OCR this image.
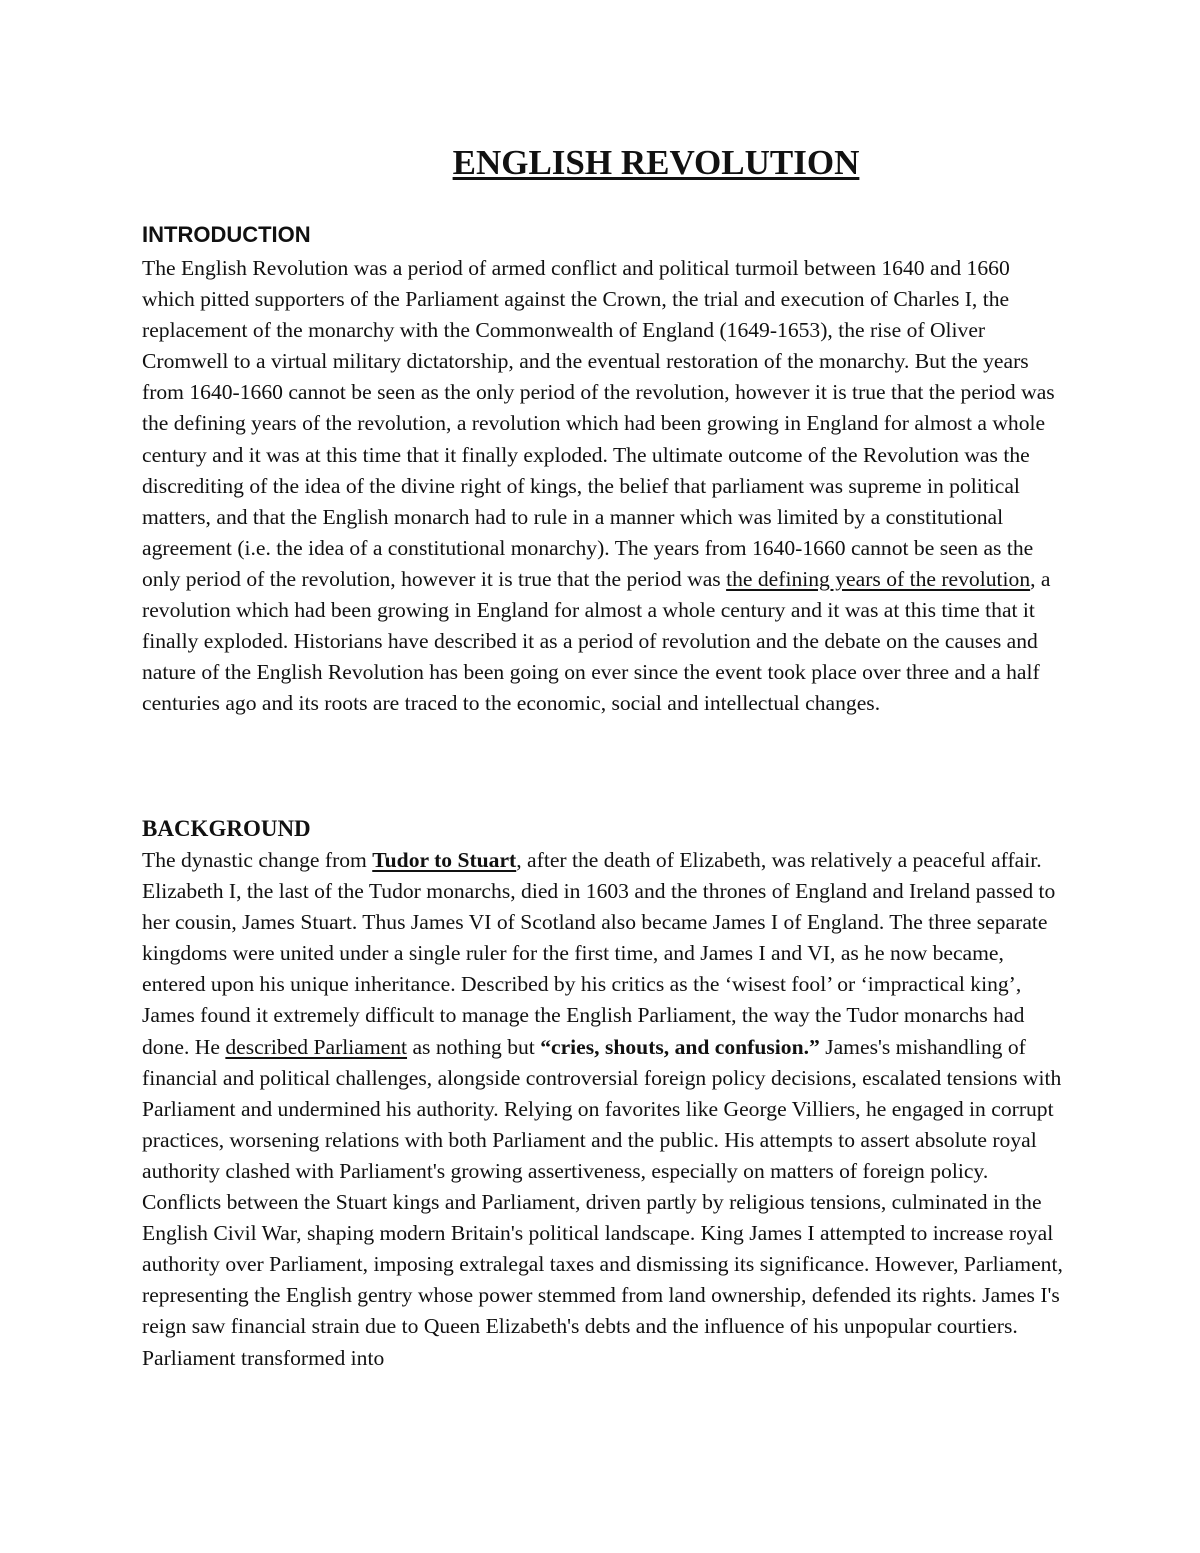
ENGLISH REVOLUTION
INTRODUCTION

The English Revolution was a period of armed conflict and political turmoil between 1640 and 1660 which pitted supporters of the Parliament against the Crown, the trial and execution of Charles I, the replacement of the monarchy with the Commonwealth of England (1649-1653), the rise of Oliver Cromwell to a virtual military dictatorship, and the eventual restoration of the monarchy. But the years from 1640-1660 cannot be seen as the only period of the revolution, however it is true that the period was the defining years of the revolution, a revolution which had been growing in England for almost a whole century and it was at this time that it finally exploded. The ultimate outcome of the Revolution was the discrediting of the idea of the divine right of kings, the belief that parliament was supreme in political matters, and that the English monarch had to rule in a manner which was limited by a constitutional agreement (i.e. the idea of a constitutional monarchy). The years from 1640-1660 cannot be seen as the only period of the revolution, however it is true that the period was the defining years of the revolution, a revolution which had been growing in England for almost a whole century and it was at this time that it finally exploded. Historians have described it as a period of revolution and the debate on the causes and nature of the English Revolution has been going on ever since the event took place over three and a half centuries ago and its roots are traced to the economic, social and intellectual changes.

BACKGROUND

The dynastic change from Tudor to Stuart, after the death of Elizabeth, was relatively a peaceful affair. Elizabeth I, the last of the Tudor monarchs, died in 1603 and the thrones of England and Ireland passed to her cousin, James Stuart. Thus James VI of Scotland also became James I of England. The three separate kingdoms were united under a single ruler for the first time, and James I and VI, as he now became, entered upon his unique inheritance. Described by his critics as the ‘wisest fool’ or ‘impractical king’, James found it extremely difficult to manage the English Parliament, the way the Tudor monarchs had done. He described Parliament as nothing but “cries, shouts, and confusion.” James's mishandling of financial and political challenges, alongside controversial foreign policy decisions, escalated tensions with Parliament and undermined his authority. Relying on favorites like George Villiers, he engaged in corrupt practices, worsening relations with both Parliament and the public. His attempts to assert absolute royal authority clashed with Parliament's growing assertiveness, especially on matters of foreign policy. Conflicts between the Stuart kings and Parliament, driven partly by religious tensions, culminated in the English Civil War, shaping modern Britain's political landscape. King James I attempted to increase royal authority over Parliament, imposing extralegal taxes and dismissing its significance. However, Parliament, representing the English gentry whose power stemmed from land ownership, defended its rights. James I's reign saw financial strain due to Queen Elizabeth's debts and the influence of his unpopular courtiers. Parliament transformed into
